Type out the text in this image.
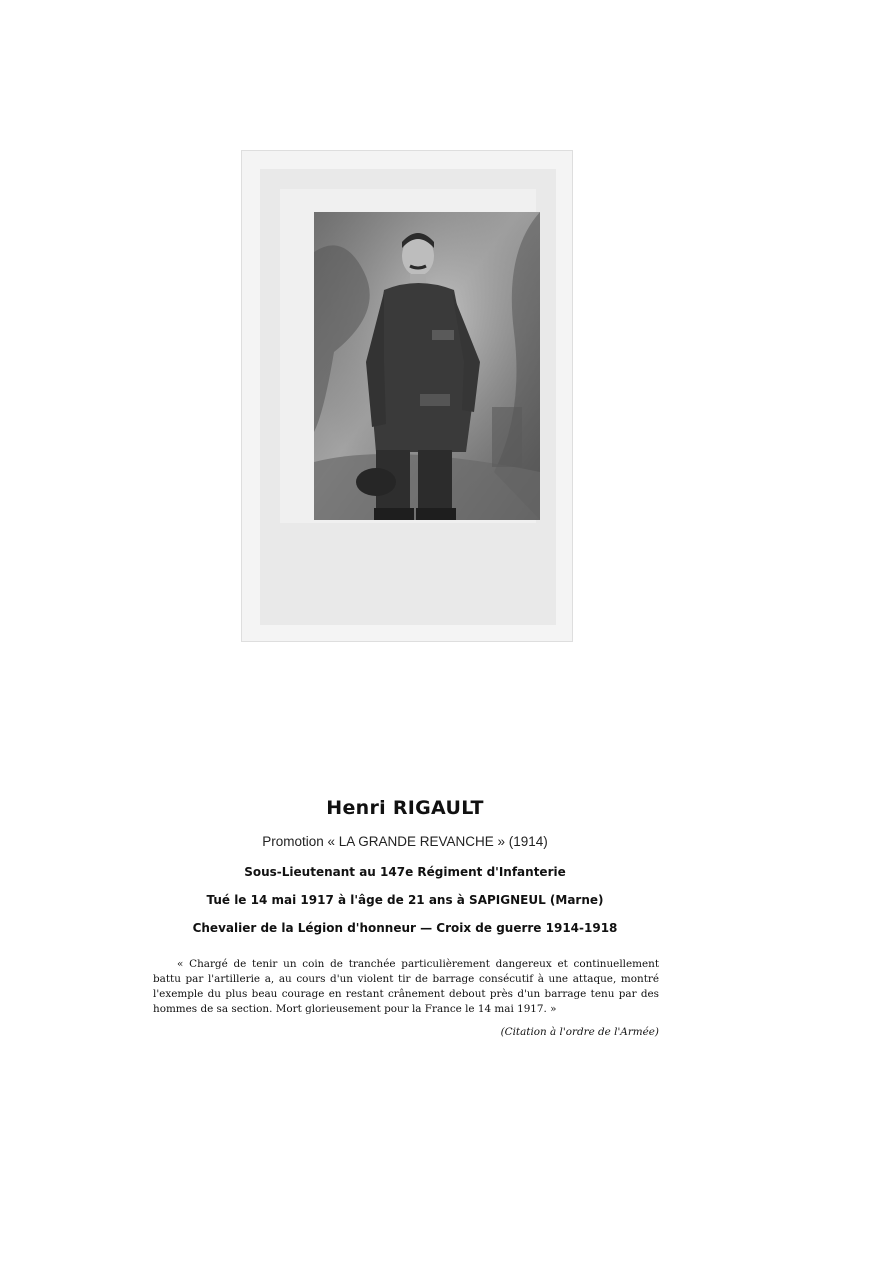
Henri RIGAULT

Promotion « LA GRANDE REVANCHE » (1914)

Sous-Lieutenant au 147e Régiment d'Infanterie

Tué le 14 mai 1917 à l'âge de 21 ans à SAPIGNEUL (Marne)

Chevalier de la Légion d'honneur — Croix de guerre 1914-1918

« Chargé de tenir un coin de tranchée particulièrement dangereux et continuellement battu par l'artillerie a, au cours d'un violent tir de barrage consécutif à une attaque, montré l'exemple du plus beau courage en restant crânement debout près d'un barrage tenu par des hommes de sa section. Mort glorieusement pour la France le 14 mai 1917. »

(Citation à l'ordre de l'Armée)
